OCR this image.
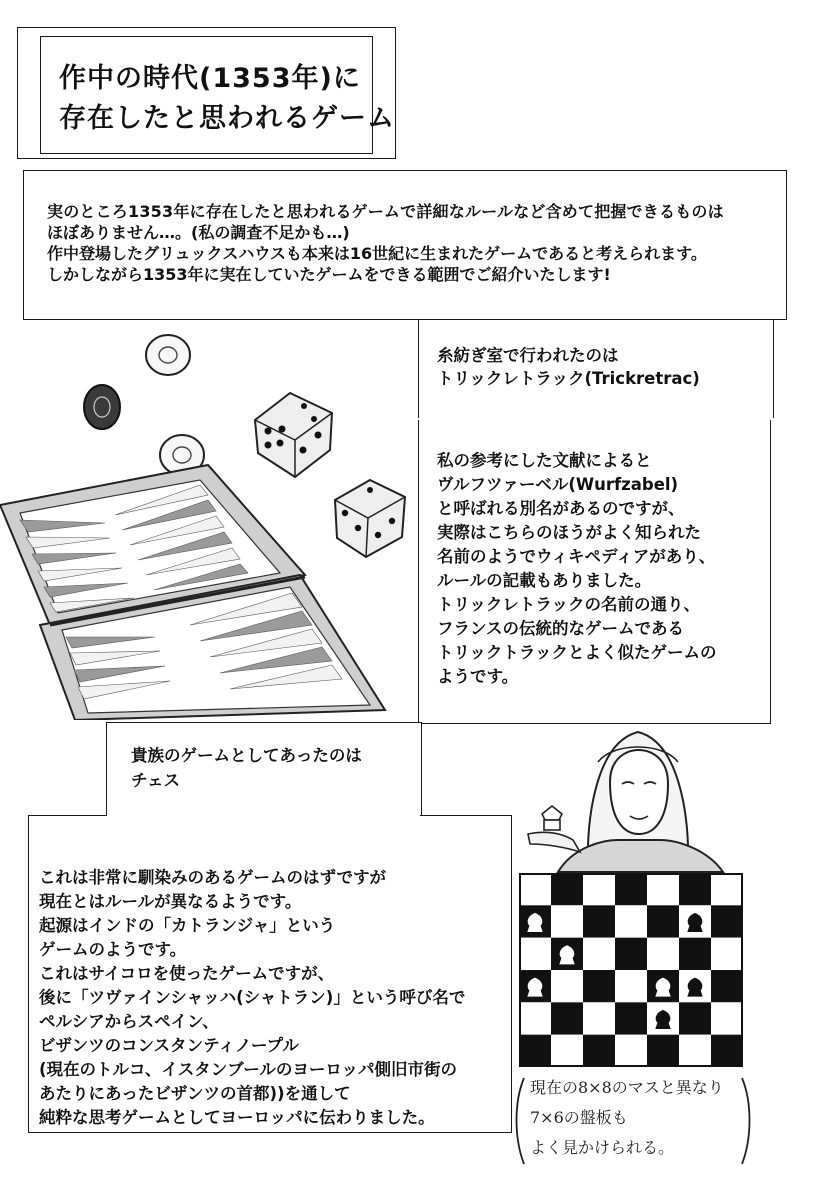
作中の時代(1353年)に
存在したと思われるゲーム
実のところ1353年に存在したと思われるゲームで詳細なルールなど含めて把握できるものは
ほぼありません…。(私の調査不足かも…)
作中登場したグリュックスハウスも本来は16世紀に生まれたゲームであると考えられます。
しかしながら1353年に実在していたゲームをできる範囲でご紹介いたします!
糸紡ぎ室で行われたのは
トリックレトラック(Trickretrac)
私の参考にした文献によると
ヴルフツァーベル(Wurfzabel)
と呼ばれる別名があるのですが、
実際はこちらのほうがよく知られた
名前のようでウィキペディアがあり、
ルールの記載もありました。
トリックレトラックの名前の通り、
フランスの伝統的なゲームである
トリックトラックとよく似たゲームの
ようです。
貴族のゲームとしてあったのは
チェス
これは非常に馴染みのあるゲームのはずですが
現在とはルールが異なるようです。
起源はインドの「カトランジャ」という
ゲームのようです。
これはサイコロを使ったゲームですが、
後に「ツヴァインシャッハ(シャトラン)」という呼び名で
ペルシアからスペイン、
ビザンツのコンスタンティノープル
(現在のトルコ、イスタンブールのヨーロッパ側旧市街の
あたりにあったビザンツの首都))を通して
純粋な思考ゲームとしてヨーロッパに伝わりました。
現在の8×8のマスと異なり
7×6の盤板も
よく見かけられる。
